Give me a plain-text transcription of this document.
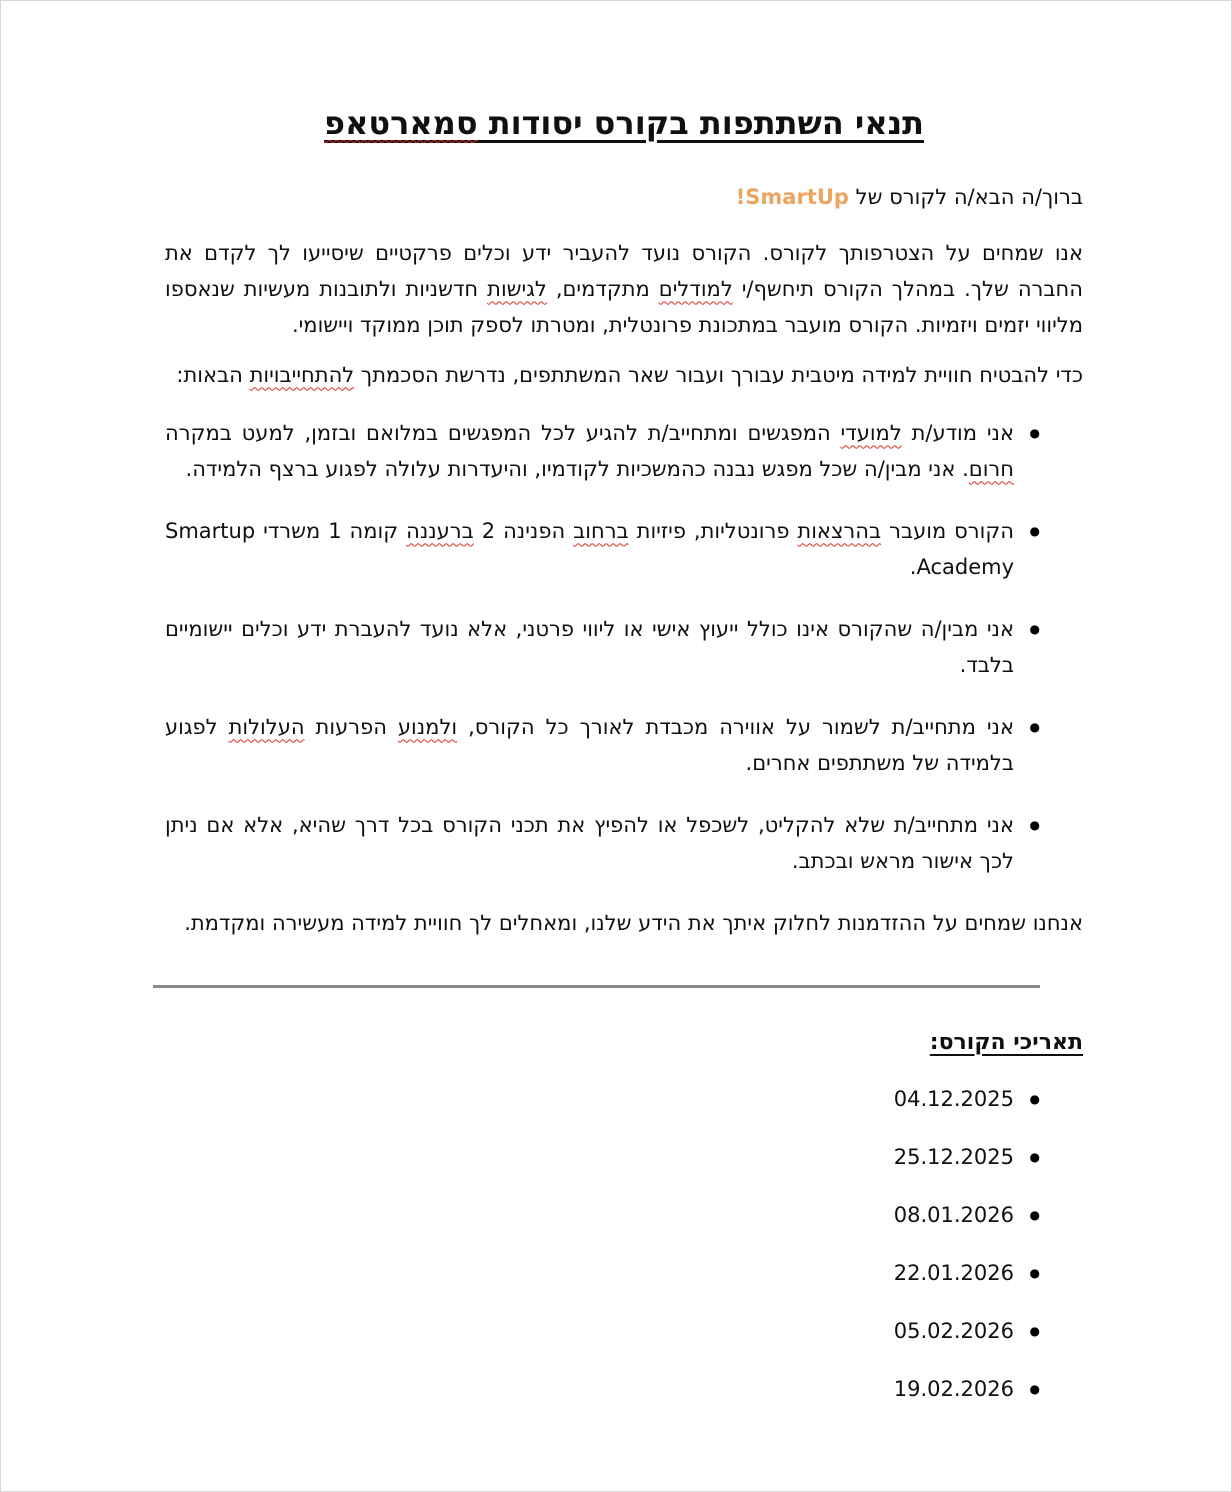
תנאי השתתפות בקורס יסודות סמארטאפ

ברוך/ה הבא/ה לקורס של SmartUp!

אנו שמחים על הצטרפותך לקורס. הקורס נועד להעביר ידע וכלים פרקטיים שיסייעו לך לקדם את החברה שלך. במהלך הקורס תיחשף/י למודלים מתקדמים, לגישות חדשניות ולתובנות מעשיות שנאספו מליווי יזמים ויזמיות. הקורס מועבר במתכונת פרונטלית, ומטרתו לספק תוכן ממוקד ויישומי.

כדי להבטיח חוויית למידה מיטבית עבורך ועבור שאר המשתתפים, נדרשת הסכמתך להתחייבויות הבאות:

●
אני מודע/ת למועדי המפגשים ומתחייב/ת להגיע לכל המפגשים במלואם ובזמן, למעט במקרה חרום. אני מבין/ה שכל מפגש נבנה כהמשכיות לקודמיו, והיעדרות עלולה לפגוע ברצף הלמידה.
●
הקורס מועבר בהרצאות פרונטליות, פיזיות ברחוב הפנינה 2 ברעננה קומה 1 משרדי Smartup Academy.
●
אני מבין/ה שהקורס אינו כולל ייעוץ אישי או ליווי פרטני, אלא נועד להעברת ידע וכלים יישומיים בלבד.
●
אני מתחייב/ת לשמור על אווירה מכבדת לאורך כל הקורס, ולמנוע הפרעות העלולות לפגוע בלמידה של משתתפים אחרים.
●
אני מתחייב/ת שלא להקליט, לשכפל או להפיץ את תכני הקורס בכל דרך שהיא, אלא אם ניתן לכך אישור מראש ובכתב.

אנחנו שמחים על ההזדמנות לחלוק איתך את הידע שלנו, ומאחלים לך חוויית למידה מעשירה ומקדמת.

תאריכי הקורס:
●
04.12.2025
●
25.12.2025
●
08.01.2026
●
22.01.2026
●
05.02.2026
●
19.02.2026
